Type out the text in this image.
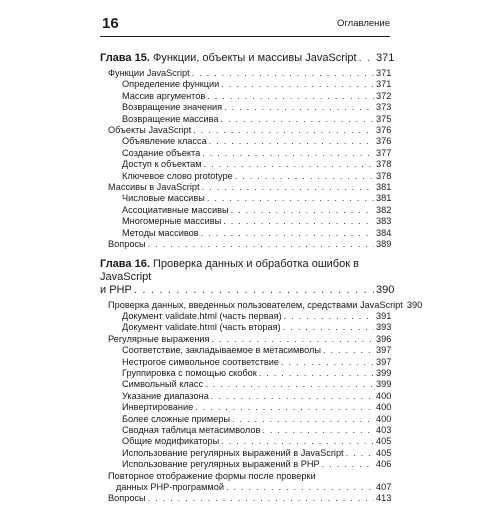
16	Оглавление
Глава 15. Функции, объекты и массивы JavaScript . . . 371
Функции JavaScript . . .	371
Определение функции . . .	371
Массив аргументов . . .	372
Возвращение значения . . .	373
Возвращение массива . . .	375
Объекты JavaScript . . .	376
Объявление класса . . .	376
Создание объекта . . .	377
Доступ к объектам . . .	378
Ключевое слово prototype . . .	378
Массивы в JavaScript . . .	381
Числовые массивы . . .	381
Ассоциативные массивы . . .	382
Многомерные массивы . . .	383
Методы массивов . . .	384
Вопросы . . .	389
Глава 16. Проверка данных и обработка ошибок в JavaScript
и PHP . . .	390
Проверка данных, введенных пользователем, средствами JavaScript 390
Документ validate.html (часть первая) . . .	391
Документ validate.html (часть вторая) . . .	393
Регулярные выражения . . .	396
Соответствие, закладываемое в метасимволы . . .	397
Нестрогое символьное соответствие . . .	397
Группировка с помощью скобок . . .	399
Символьный класс . . .	399
Указание диапазона . . .	400
Инвертирование . . .	400
Более сложные примеры . . .	400
Сводная таблица метасимволов . . .	403
Общие модификаторы . . .	405
Использование регулярных выражений в JavaScript . . .	405
Использование регулярных выражений в PHP . . .	406
Повторное отображение формы после проверки
данных PHP-программой . . .	407
Вопросы . . .	413
